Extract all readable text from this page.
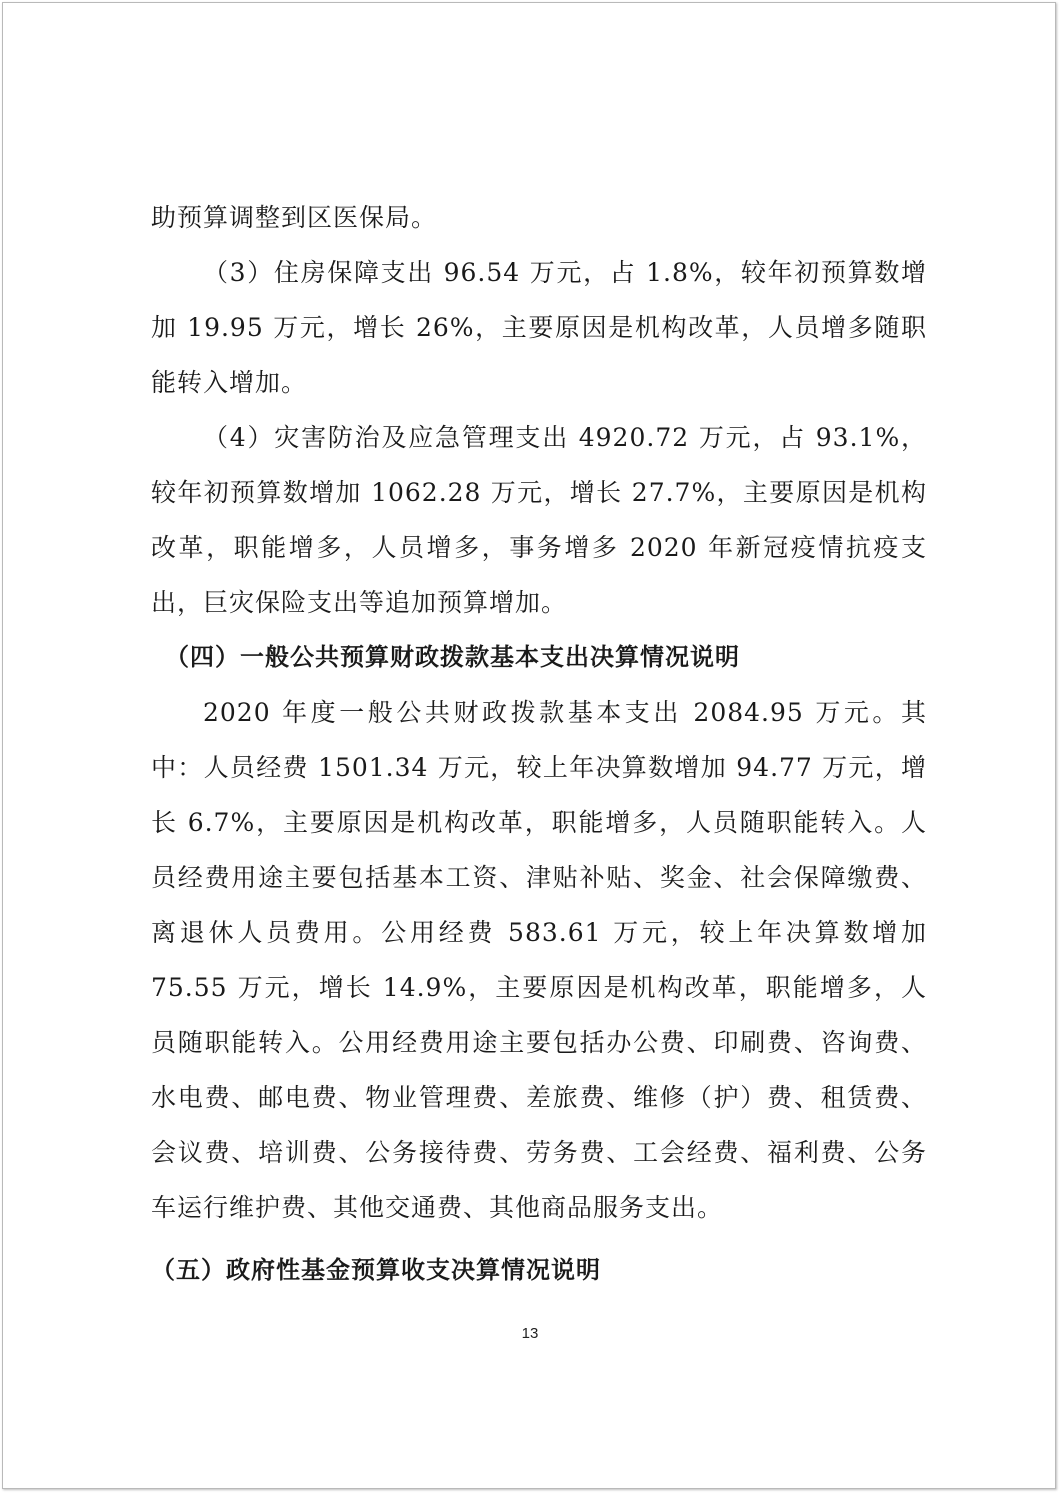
助预算调整到区医保局。

（3）住房保障支出 96.54 万元，占 1.8%，较年初预算数增加 19.95 万元，增长 26%，主要原因是机构改革，人员增多随职能转入增加。

（4）灾害防治及应急管理支出 4920.72 万元，占 93.1%，较年初预算数增加 1062.28 万元，增长 27.7%，主要原因是机构改革，职能增多，人员增多，事务增多 2020 年新冠疫情抗疫支出，巨灾保险支出等追加预算增加。

（四）一般公共预算财政拨款基本支出决算情况说明

2020 年度一般公共财政拨款基本支出 2084.95 万元。其中：人员经费 1501.34 万元，较上年决算数增加 94.77 万元，增长 6.7%，主要原因是机构改革，职能增多，人员随职能转入。人员经费用途主要包括基本工资、津贴补贴、奖金、社会保障缴费、离退休人员费用。公用经费 583.61 万元，较上年决算数增加 75.55 万元，增长 14.9%，主要原因是机构改革，职能增多，人员随职能转入。公用经费用途主要包括办公费、印刷费、咨询费、水电费、邮电费、物业管理费、差旅费、维修（护）费、租赁费、会议费、培训费、公务接待费、劳务费、工会经费、福利费、公务车运行维护费、其他交通费、其他商品服务支出。

（五）政府性基金预算收支决算情况说明
13
